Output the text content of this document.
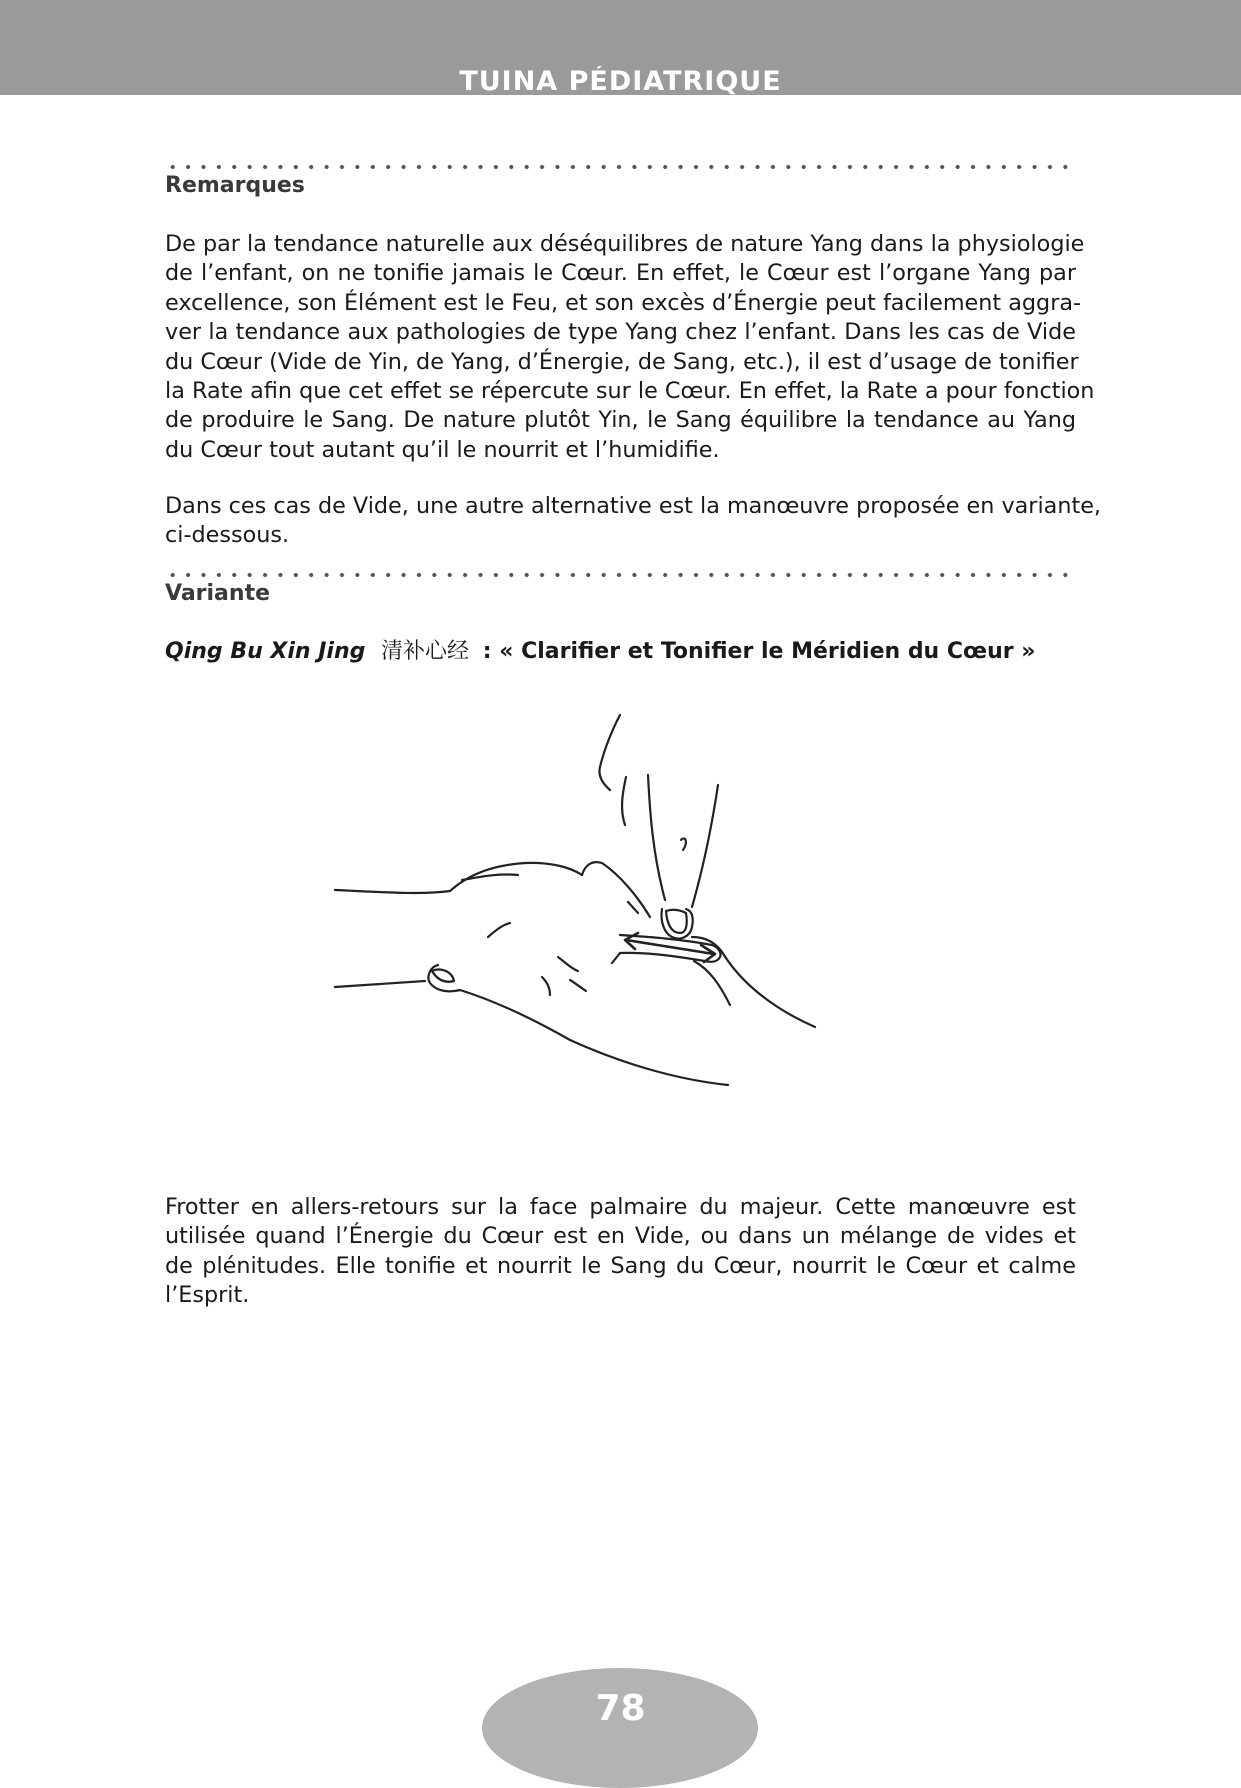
TUINA PÉDIATRIQUE
Remarques
De par la tendance naturelle aux déséquilibres de nature Yang dans la physiologie
de l’enfant, on ne tonifie jamais le Cœur. En effet, le Cœur est l’organe Yang par
excellence, son Élément est le Feu, et son excès d’Énergie peut facilement aggra-
ver la tendance aux pathologies de type Yang chez l’enfant. Dans les cas de Vide
du Cœur (Vide de Yin, de Yang, d’Énergie, de Sang, etc.), il est d’usage de tonifier
la Rate afin que cet effet se répercute sur le Cœur. En effet, la Rate a pour fonction
de produire le Sang. De nature plutôt Yin, le Sang équilibre la tendance au Yang
du Cœur tout autant qu’il le nourrit et l’humidifie.
Dans ces cas de Vide, une autre alternative est la manœuvre proposée en variante,
ci-dessous.
Variante
Qing Bu Xin Jing 清补心经 : « Clarifier et Tonifier le Méridien du Cœur »
Frotter en allers-retours sur la face palmaire du majeur. Cette manœuvre est
utilisée quand l’Énergie du Cœur est en Vide, ou dans un mélange de vides et
de plénitudes. Elle tonifie et nourrit le Sang du Cœur, nourrit le Cœur et calme
l’Esprit.
78
